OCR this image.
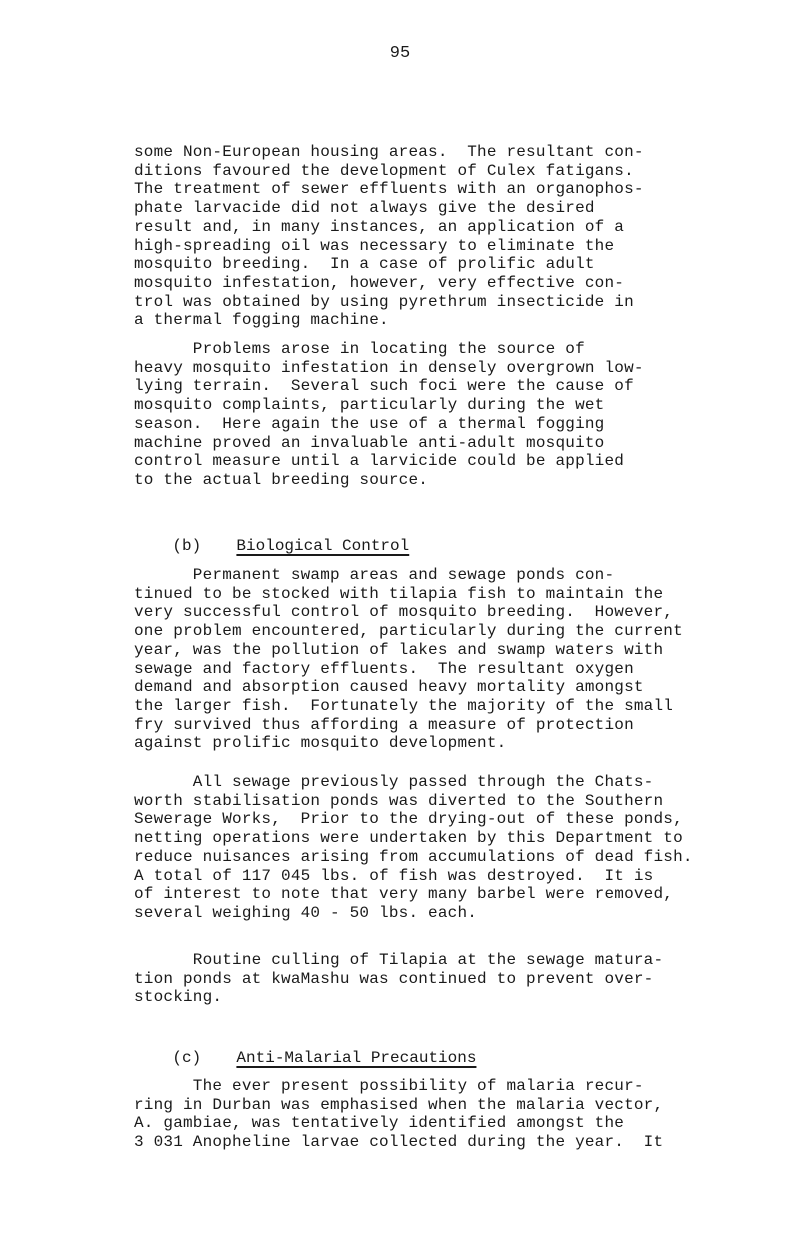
95
some Non-European housing areas.  The resultant con-
ditions favoured the development of Culex fatigans.
The treatment of sewer effluents with an organophos-
phate larvacide did not always give the desired
result and, in many instances, an application of a
high-spreading oil was necessary to eliminate the
mosquito breeding.  In a case of prolific adult
mosquito infestation, however, very effective con-
trol was obtained by using pyrethrum insecticide in
a thermal fogging machine.
Problems arose in locating the source of
heavy mosquito infestation in densely overgrown low-
lying terrain.  Several such foci were the cause of
mosquito complaints, particularly during the wet
season.  Here again the use of a thermal fogging
machine proved an invaluable anti-adult mosquito
control measure until a larvicide could be applied
to the actual breeding source.

(b) Biological Control

Permanent swamp areas and sewage ponds con-
tinued to be stocked with tilapia fish to maintain the
very successful control of mosquito breeding.  However,
one problem encountered, particularly during the current
year, was the pollution of lakes and swamp waters with
sewage and factory effluents.  The resultant oxygen
demand and absorption caused heavy mortality amongst
the larger fish.  Fortunately the majority of the small
fry survived thus affording a measure of protection
against prolific mosquito development.
All sewage previously passed through the Chats-
worth stabilisation ponds was diverted to the Southern
Sewerage Works,  Prior to the drying-out of these ponds,
netting operations were undertaken by this Department to
reduce nuisances arising from accumulations of dead fish.
A total of 117 045 lbs. of fish was destroyed.  It is
of interest to note that very many barbel were removed,
several weighing 40 - 50 lbs. each.
Routine culling of Tilapia at the sewage matura-
tion ponds at kwaMashu was continued to prevent over-
stocking.

(c) Anti-Malarial Precautions

The ever present possibility of malaria recur-
ring in Durban was emphasised when the malaria vector,
A. gambiae, was tentatively identified amongst the
3 031 Anopheline larvae collected during the year.  It
